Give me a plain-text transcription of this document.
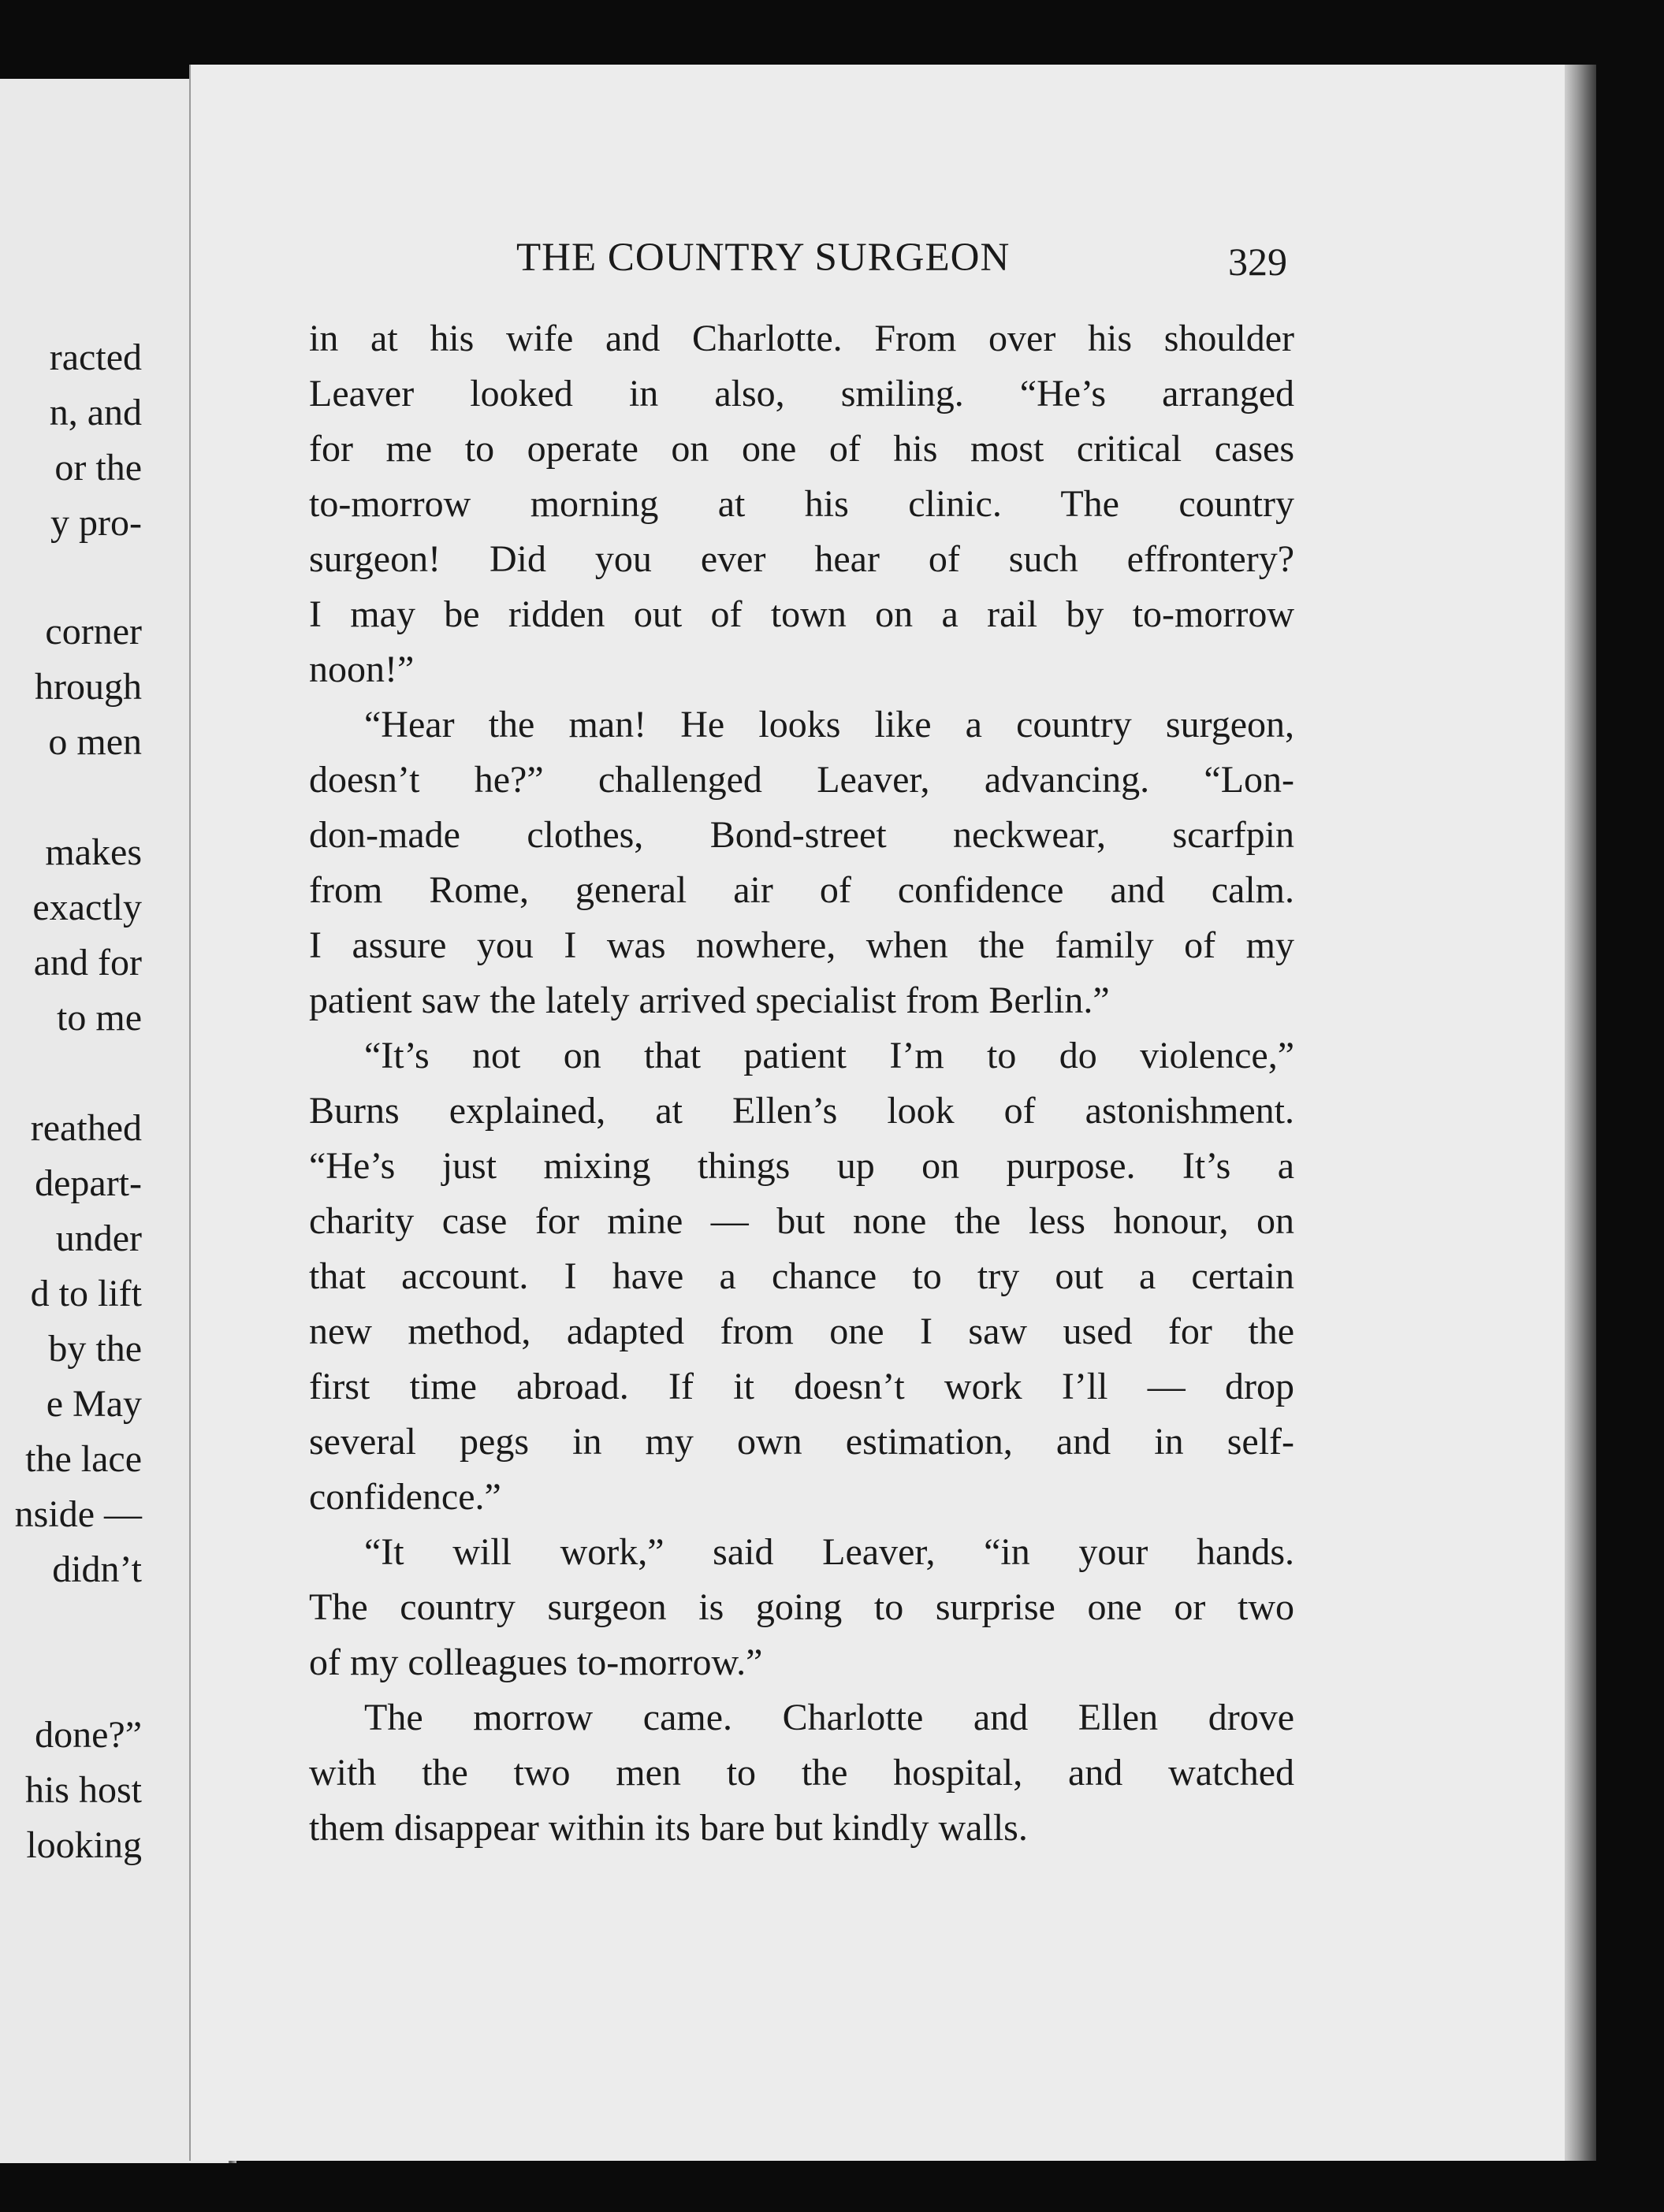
racted
n, and
or the
y pro-
corner
hrough
o men
makes
exactly
and for
to me
reathed
depart-
under
d to lift
by the
e May
the lace
nside —
didn’t
done?”
his host
looking
THE COUNTRY SURGEON	329
in at his wife and Charlotte. From over his shoulder
Leaver looked in also, smiling. “He’s arranged
for me to operate on one of his most critical cases
to-morrow morning at his clinic. The country
surgeon! Did you ever hear of such effrontery?
I may be ridden out of town on a rail by to-morrow
noon!”
“Hear the man! He looks like a country surgeon,
doesn’t he?” challenged Leaver, advancing. “Lon-
don-made clothes, Bond-street neckwear, scarfpin
from Rome, general air of confidence and calm.
I assure you I was nowhere, when the family of my
patient saw the lately arrived specialist from Berlin.”
“It’s not on that patient I’m to do violence,”
Burns explained, at Ellen’s look of astonishment.
“He’s just mixing things up on purpose. It’s a
charity case for mine — but none the less honour, on
that account. I have a chance to try out a certain
new method, adapted from one I saw used for the
first time abroad. If it doesn’t work I’ll — drop
several pegs in my own estimation, and in self-
confidence.”
“It will work,” said Leaver, “in your hands.
The country surgeon is going to surprise one or two
of my colleagues to-morrow.”
The morrow came. Charlotte and Ellen drove
with the two men to the hospital, and watched
them disappear within its bare but kindly walls.
